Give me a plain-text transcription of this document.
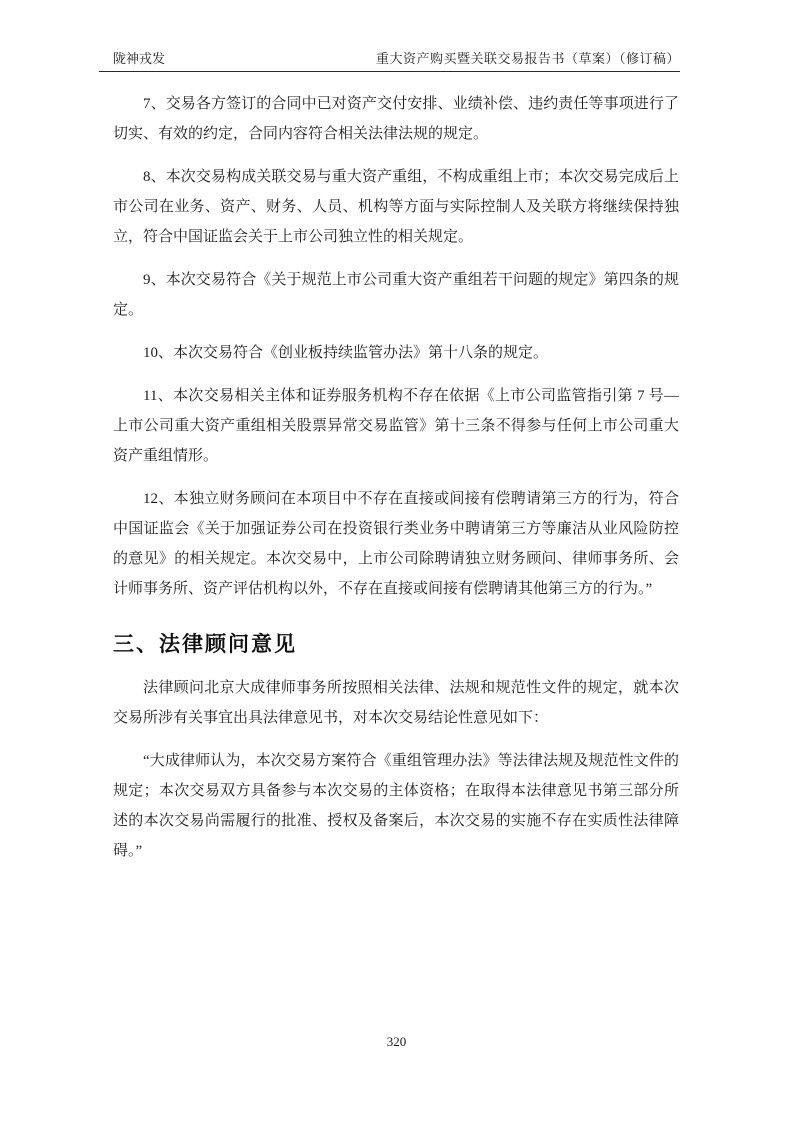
陇神戎发	重大资产购买暨关联交易报告书（草案）（修订稿）

7、交易各方签订的合同中已对资产交付安排、业绩补偿、违约责任等事项进行了切实、有效的约定，合同内容符合相关法律法规的规定。

8、本次交易构成关联交易与重大资产重组，不构成重组上市；本次交易完成后上市公司在业务、资产、财务、人员、机构等方面与实际控制人及关联方将继续保持独立，符合中国证监会关于上市公司独立性的相关规定。

9、本次交易符合《关于规范上市公司重大资产重组若干问题的规定》第四条的规定。

10、本次交易符合《创业板持续监管办法》第十八条的规定。

11、本次交易相关主体和证券服务机构不存在依据《上市公司监管指引第 7 号—上市公司重大资产重组相关股票异常交易监管》第十三条不得参与任何上市公司重大资产重组情形。

12、本独立财务顾问在本项目中不存在直接或间接有偿聘请第三方的行为，符合中国证监会《关于加强证券公司在投资银行类业务中聘请第三方等廉洁从业风险防控的意见》的相关规定。本次交易中，上市公司除聘请独立财务顾问、律师事务所、会计师事务所、资产评估机构以外，不存在直接或间接有偿聘请其他第三方的行为。”

三、法律顾问意见

法律顾问北京大成律师事务所按照相关法律、法规和规范性文件的规定，就本次交易所涉有关事宜出具法律意见书，对本次交易结论性意见如下：

“大成律师认为，本次交易方案符合《重组管理办法》等法律法规及规范性文件的规定；本次交易双方具备参与本次交易的主体资格；在取得本法律意见书第三部分所述的本次交易尚需履行的批准、授权及备案后，本次交易的实施不存在实质性法律障碍。”

320
